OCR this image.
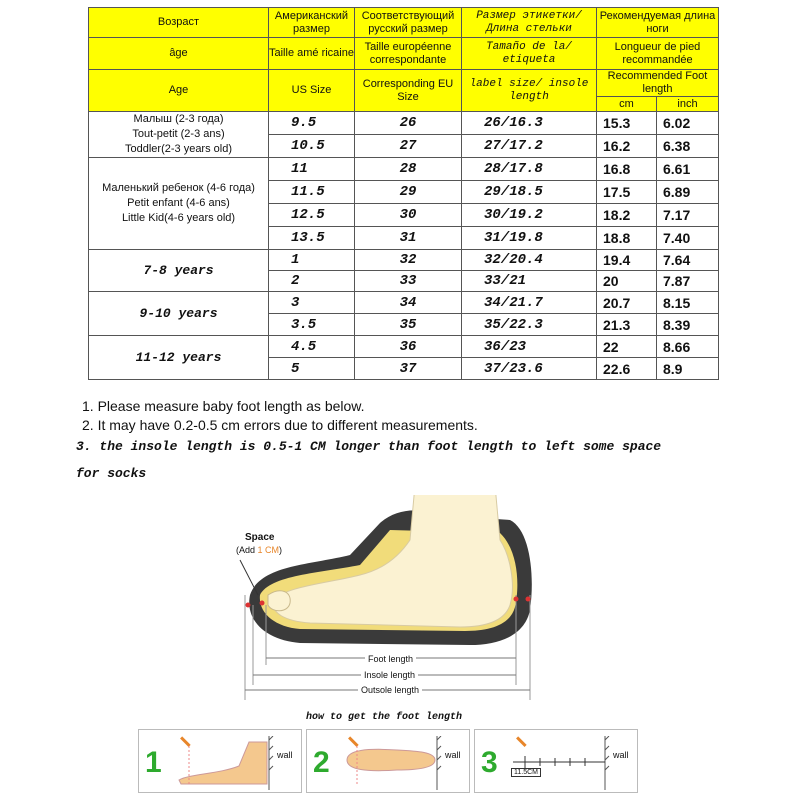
Возраст	Американский размер	Соответствующий русский размер	Размер этикетки/ Длина стельки	Рекомендуемая длина ноги	
âge	Taille amé ricaine	Taille européenne correspondante	Tamaño de la/ etiqueta	Longueur de pied recommandée	
Age	US Size	Corresponding EU Size	label size/ insole length	Recommended Foot length	
				cm	inch

Малыш (2-3 года)
Tout-petit (2-3 ans)
Toddler(2-3 years old)	9.5	26	26/16.3	15.3	6.02
	10.5	27	27/17.2	16.2	6.38

Маленький ребенок (4-6 года)
Petit enfant (4-6 ans)
Little Kid(4-6 years old)	11	28	28/17.8	16.8	6.61
	11.5	29	29/18.5	17.5	6.89
	12.5	30	30/19.2	18.2	7.17
	13.5	31	31/19.8	18.8	7.40

7-8 years	1	32	32/20.4	19.4	7.64
	2	33	33/21	20	7.87

9-10 years	3	34	34/21.7	20.7	8.15
	3.5	35	35/22.3	21.3	8.39

11-12 years	4.5	36	36/23	22	8.66
	5	37	37/23.6	22.6	8.9
1. Please measure baby foot length as below.
2. It may have 0.2-0.5 cm errors due to different measurements.
3. the insole length is 0.5-1 CM longer than foot length to left some space
for socks
Space
(Add 1 CM)
Foot length
Insole length
Outsole length
how to get the foot length
1	wall 2	wall 3	11.5CM
wall
